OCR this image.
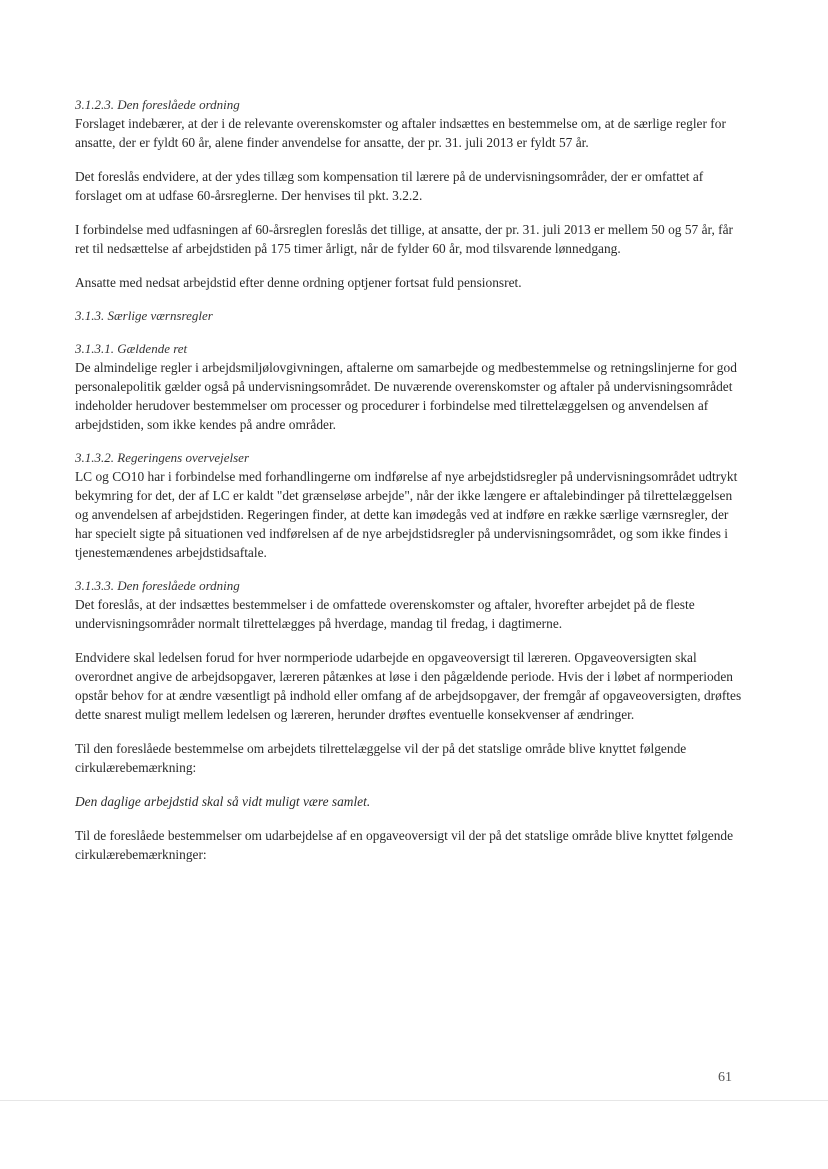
3.1.2.3. Den foreslåede ordning

Forslaget indebærer, at der i de relevante overenskomster og aftaler indsættes en bestemmelse om, at de særlige regler for ansatte, der er fyldt 60 år, alene finder anvendelse for ansatte, der pr. 31. juli 2013 er fyldt 57 år.

Det foreslås endvidere, at der ydes tillæg som kompensation til lærere på de undervisningsområder, der er omfattet af forslaget om at udfase 60-årsreglerne. Der henvises til pkt. 3.2.2.

I forbindelse med udfasningen af 60-årsreglen foreslås det tillige, at ansatte, der pr. 31. juli 2013 er mellem 50 og 57 år, får ret til nedsættelse af arbejdstiden på 175 timer årligt, når de fylder 60 år, mod tilsvarende lønnedgang.

Ansatte med nedsat arbejdstid efter denne ordning optjener fortsat fuld pensionsret.

3.1.3. Særlige værnsregler

3.1.3.1. Gældende ret

De almindelige regler i arbejdsmiljølovgivningen, aftalerne om samarbejde og medbestemmelse og retningslinjerne for god personalepolitik gælder også på undervisningsområdet. De nuværende overenskomster og aftaler på undervisningsområdet indeholder herudover bestemmelser om processer og procedurer i forbindelse med tilrettelæggelsen og anvendelsen af arbejdstiden, som ikke kendes på andre områder.

3.1.3.2. Regeringens overvejelser

LC og CO10 har i forbindelse med forhandlingerne om indførelse af nye arbejdstidsregler på undervisningsområdet udtrykt bekymring for det, der af LC er kaldt "det grænseløse arbejde", når der ikke længere er aftalebindinger på tilrettelæggelsen og anvendelsen af arbejdstiden. Regeringen finder, at dette kan imødegås ved at indføre en række særlige værnsregler, der har specielt sigte på situationen ved indførelsen af de nye arbejdstidsregler på undervisningsområdet, og som ikke findes i tjenestemændenes arbejdstidsaftale.

3.1.3.3. Den foreslåede ordning

Det foreslås, at der indsættes bestemmelser i de omfattede overenskomster og aftaler, hvorefter arbejdet på de fleste undervisningsområder normalt tilrettelægges på hverdage, mandag til fredag, i dagtimerne.

Endvidere skal ledelsen forud for hver normperiode udarbejde en opgaveoversigt til læreren. Opgaveoversigten skal overordnet angive de arbejdsopgaver, læreren påtænkes at løse i den pågældende periode. Hvis der i løbet af normperioden opstår behov for at ændre væsentligt på indhold eller omfang af de arbejdsopgaver, der fremgår af opgaveoversigten, drøftes dette snarest muligt mellem ledelsen og læreren, herunder drøftes eventuelle konsekvenser af ændringer.

Til den foreslåede bestemmelse om arbejdets tilrettelæggelse vil der på det statslige område blive knyttet følgende cirkulærebemærkning:

Den daglige arbejdstid skal så vidt muligt være samlet.

Til de foreslåede bestemmelser om udarbejdelse af en opgaveoversigt vil der på det statslige område blive knyttet følgende cirkulærebemærkninger:

61
